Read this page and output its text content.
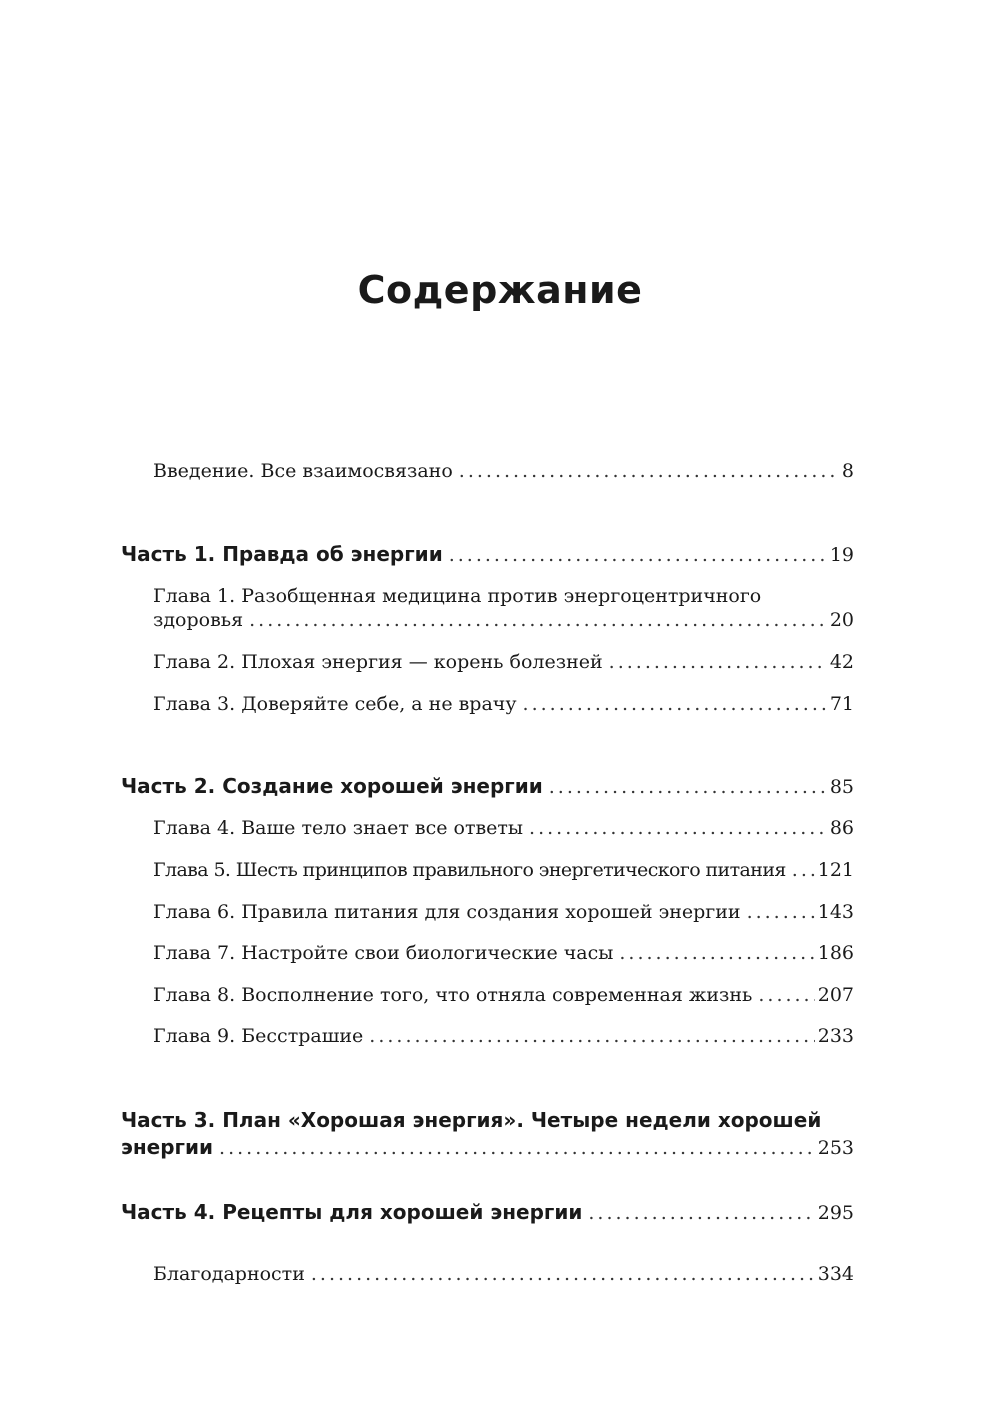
Содержание
Введение. Все взаимосвязано .....	8
Часть 1. Правда об энергии .....	19
Глава 1. Разобщенная медицина против энергоцентричного
здоровья .....	20
Глава 2. Плохая энергия — корень болезней .....	42
Глава 3. Доверяйте себе, а не врачу .....	71
Часть 2. Создание хорошей энергии .....	85
Глава 4. Ваше тело знает все ответы .....	86
Глава 5. Шесть принципов правильного энергетического питания ..... 121
Глава 6. Правила питания для создания хорошей энергии .....	143
Глава 7. Настройте свои биологические часы .....	186
Глава 8. Восполнение того, что отняла современная жизнь .....	207
Глава 9. Бесстрашие .....	233
Часть 3. План «Хорошая энергия». Четыре недели хорошей
энергии .....	253
Часть 4. Рецепты для хорошей энергии .....	295
Благодарности .....	334
